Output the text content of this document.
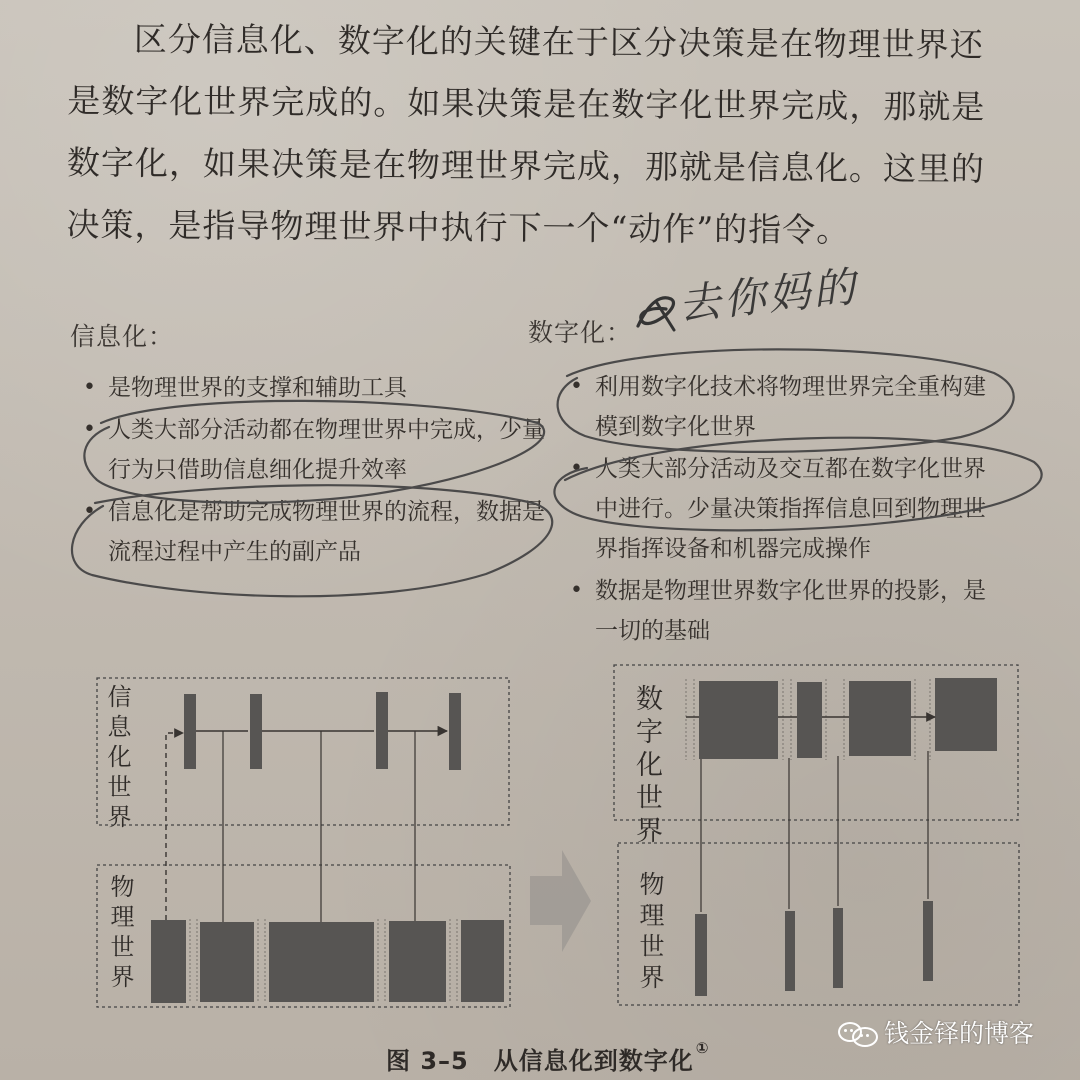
区分信息化、数字化的关键在于区分决策是在物理世界还是数字化世界完成的。如果决策是在数字化世界完成，那就是数字化，如果决策是在物理世界完成，那就是信息化。这里的决策，是指导物理世界中执行下一个“动作”的指令。
信息化：	数字化：
去你妈的
• 是物理世界的支撑和辅助工具
• 人类大部分活动都在物理世界中完成，少量行为只借助信息细化提升效率
• 信息化是帮助完成物理世界的流程，数据是流程过程中产生的副产品
• 利用数字化技术将物理世界完全重构建模到数字化世界
• 人类大部分活动及交互都在数字化世界中进行。少量决策指挥信息回到物理世界指挥设备和机器完成操作
• 数据是物理世界数字化世界的投影，是一切的基础
信息化世界
物理世界
数字化世界
物理世界
图 3–5　从信息化到数字化 ①	钱金铎的博客
